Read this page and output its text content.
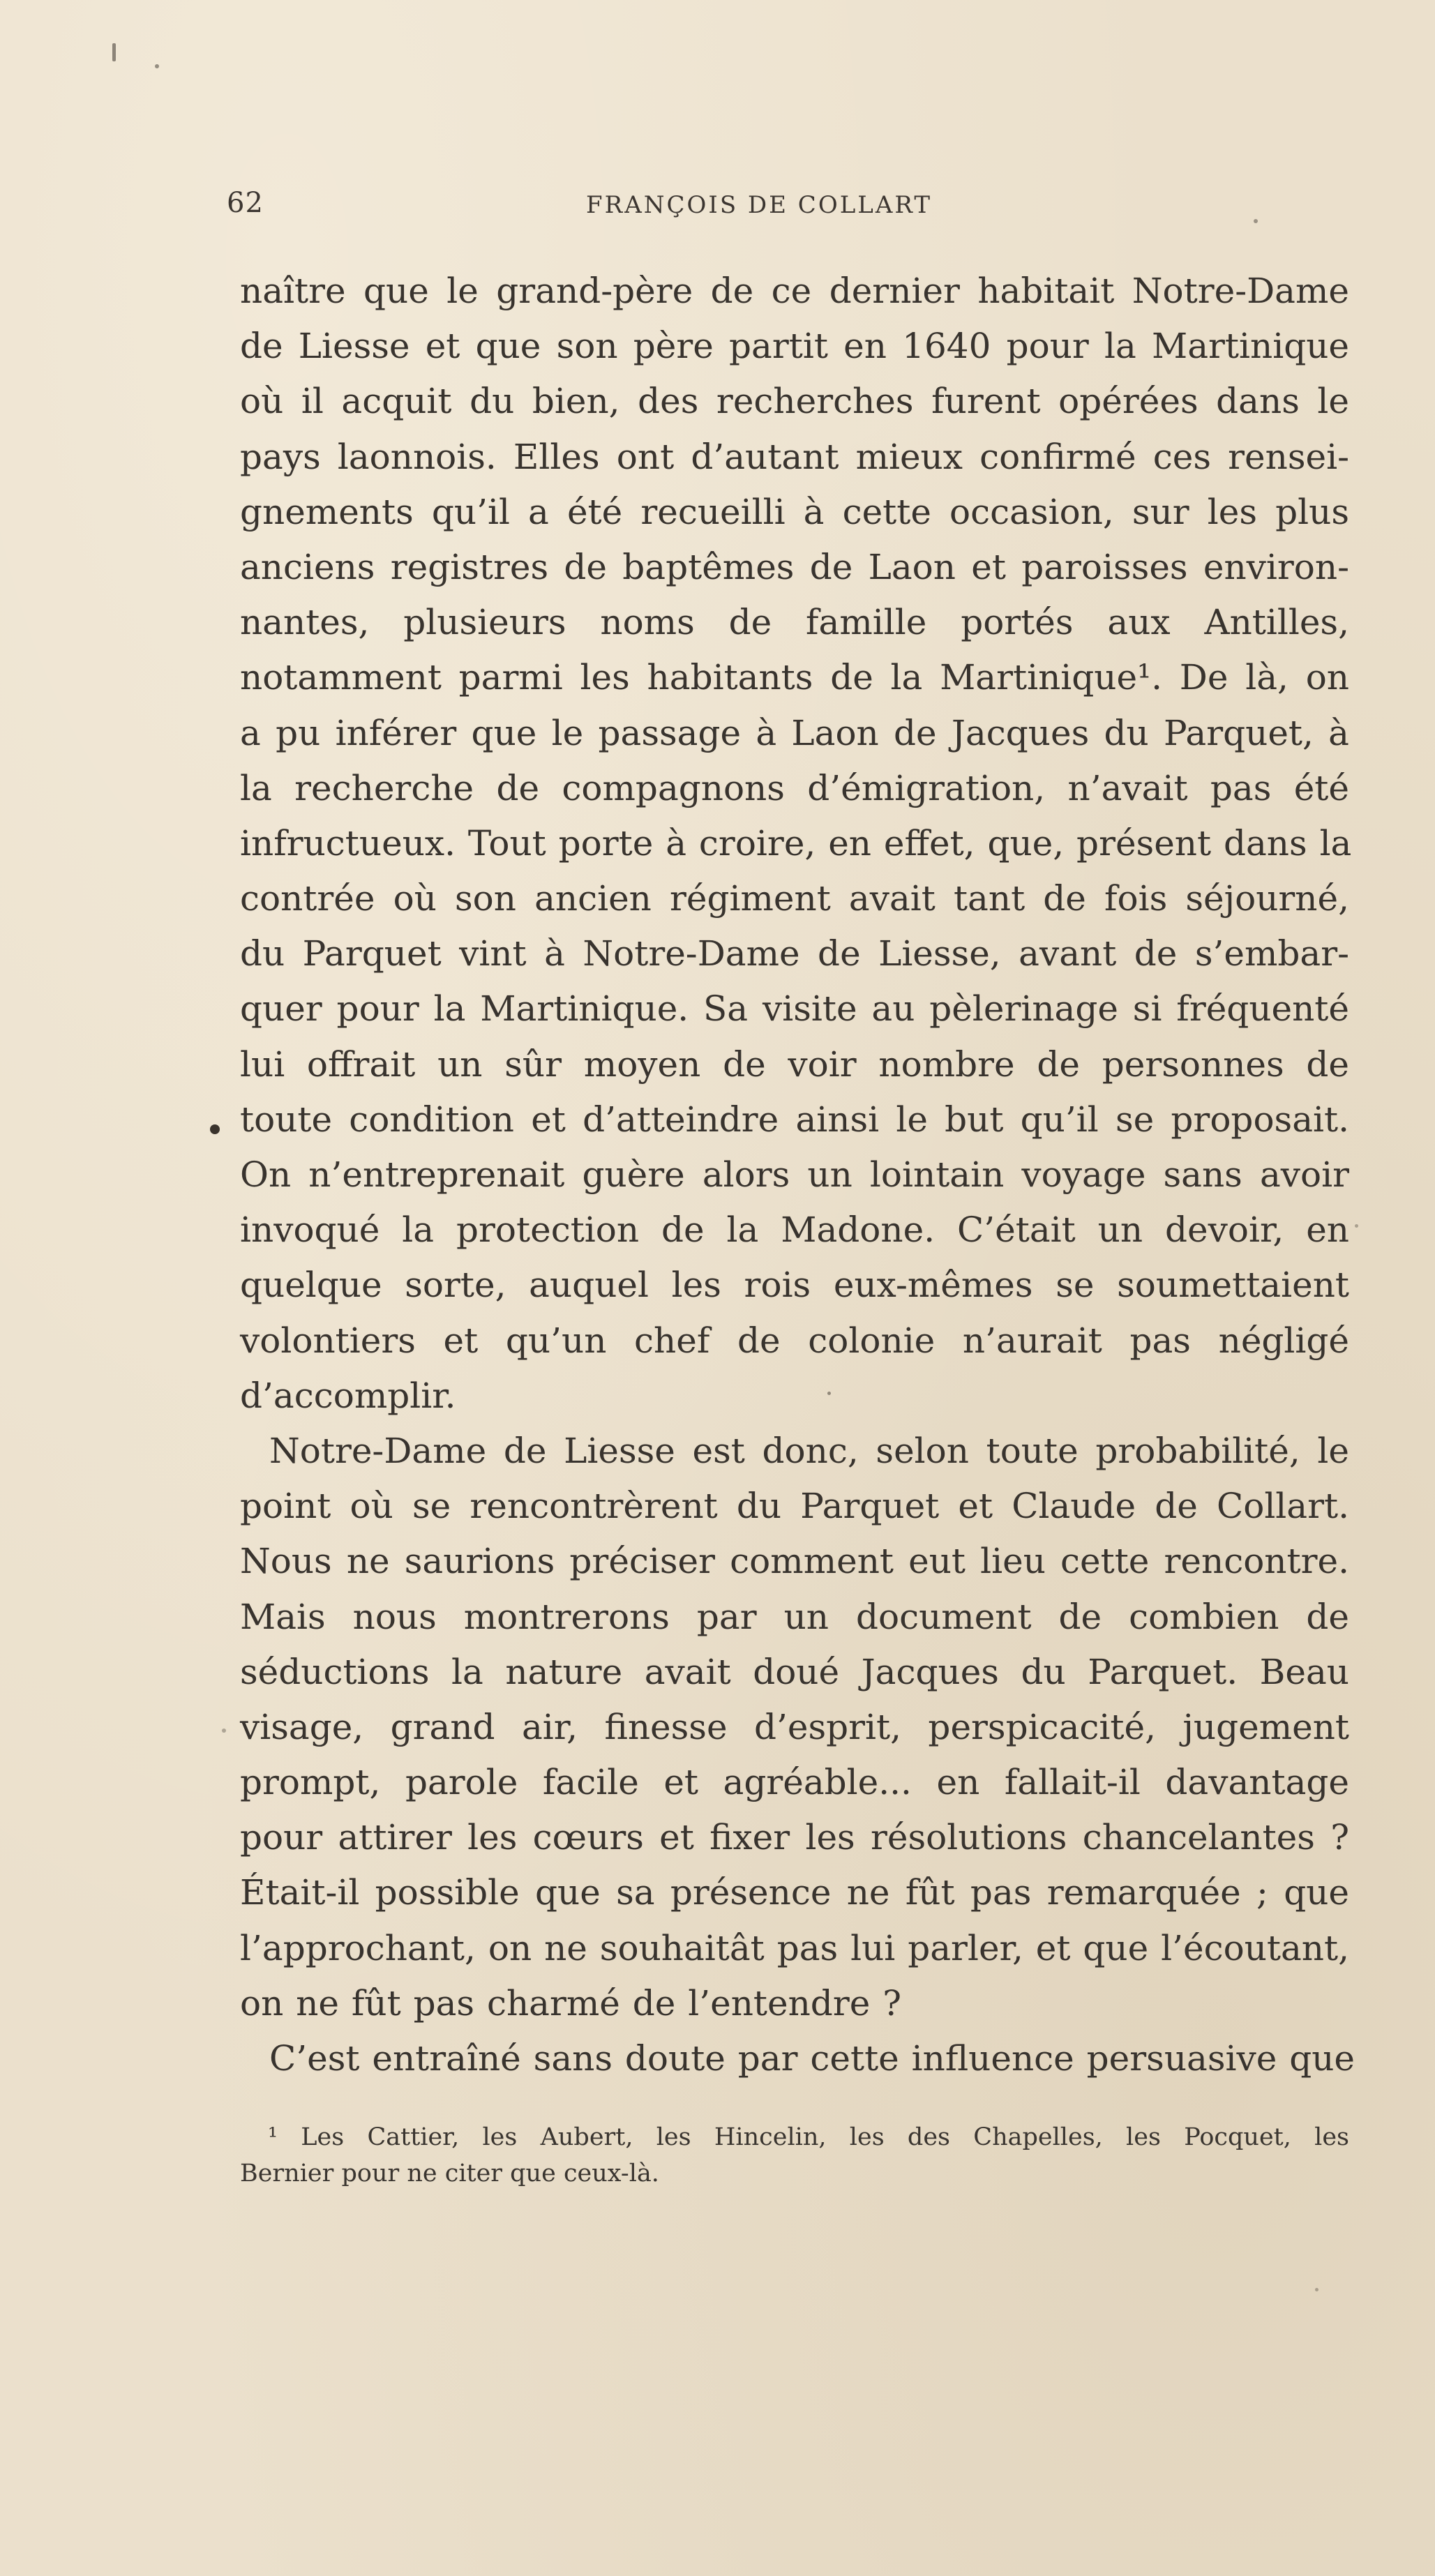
62	FRANÇOIS DE COLLART
naître que le grand-père de ce dernier habitait Notre-Dame
de Liesse et que son père partit en 1640 pour la Martinique
où il acquit du bien, des recherches furent opérées dans le
pays laonnois. Elles ont d’autant mieux confirmé ces rensei-
gnements qu’il a été recueilli à cette occasion, sur les plus
anciens registres de baptêmes de Laon et paroisses environ-
nantes, plusieurs noms de famille portés aux Antilles,
notamment parmi les habitants de la Martinique¹. De là, on
a pu inférer que le passage à Laon de Jacques du Parquet, à
la recherche de compagnons d’émigration, n’avait pas été
infructueux. Tout porte à croire, en effet, que, présent dans la
contrée où son ancien régiment avait tant de fois séjourné,
du Parquet vint à Notre-Dame de Liesse, avant de s’embar-
quer pour la Martinique. Sa visite au pèlerinage si fréquenté
lui offrait un sûr moyen de voir nombre de personnes de
toute condition et d’atteindre ainsi le but qu’il se proposait.
On n’entreprenait guère alors un lointain voyage sans avoir
invoqué la protection de la Madone. C’était un devoir, en
quelque sorte, auquel les rois eux-mêmes se soumettaient
volontiers et qu’un chef de colonie n’aurait pas négligé
d’accomplir.
Notre-Dame de Liesse est donc, selon toute probabilité, le
point où se rencontrèrent du Parquet et Claude de Collart.
Nous ne saurions préciser comment eut lieu cette rencontre.
Mais nous montrerons par un document de combien de
séductions la nature avait doué Jacques du Parquet. Beau
visage, grand air, finesse d’esprit, perspicacité, jugement
prompt, parole facile et agréable... en fallait-il davantage
pour attirer les cœurs et fixer les résolutions chancelantes ?
Était-il possible que sa présence ne fût pas remarquée ; que
l’approchant, on ne souhaitât pas lui parler, et que l’écoutant,
on ne fût pas charmé de l’entendre ?
C’est entraîné sans doute par cette influence persuasive que
¹ Les Cattier, les Aubert, les Hincelin, les des Chapelles, les Pocquet, les
Bernier pour ne citer que ceux-là.
